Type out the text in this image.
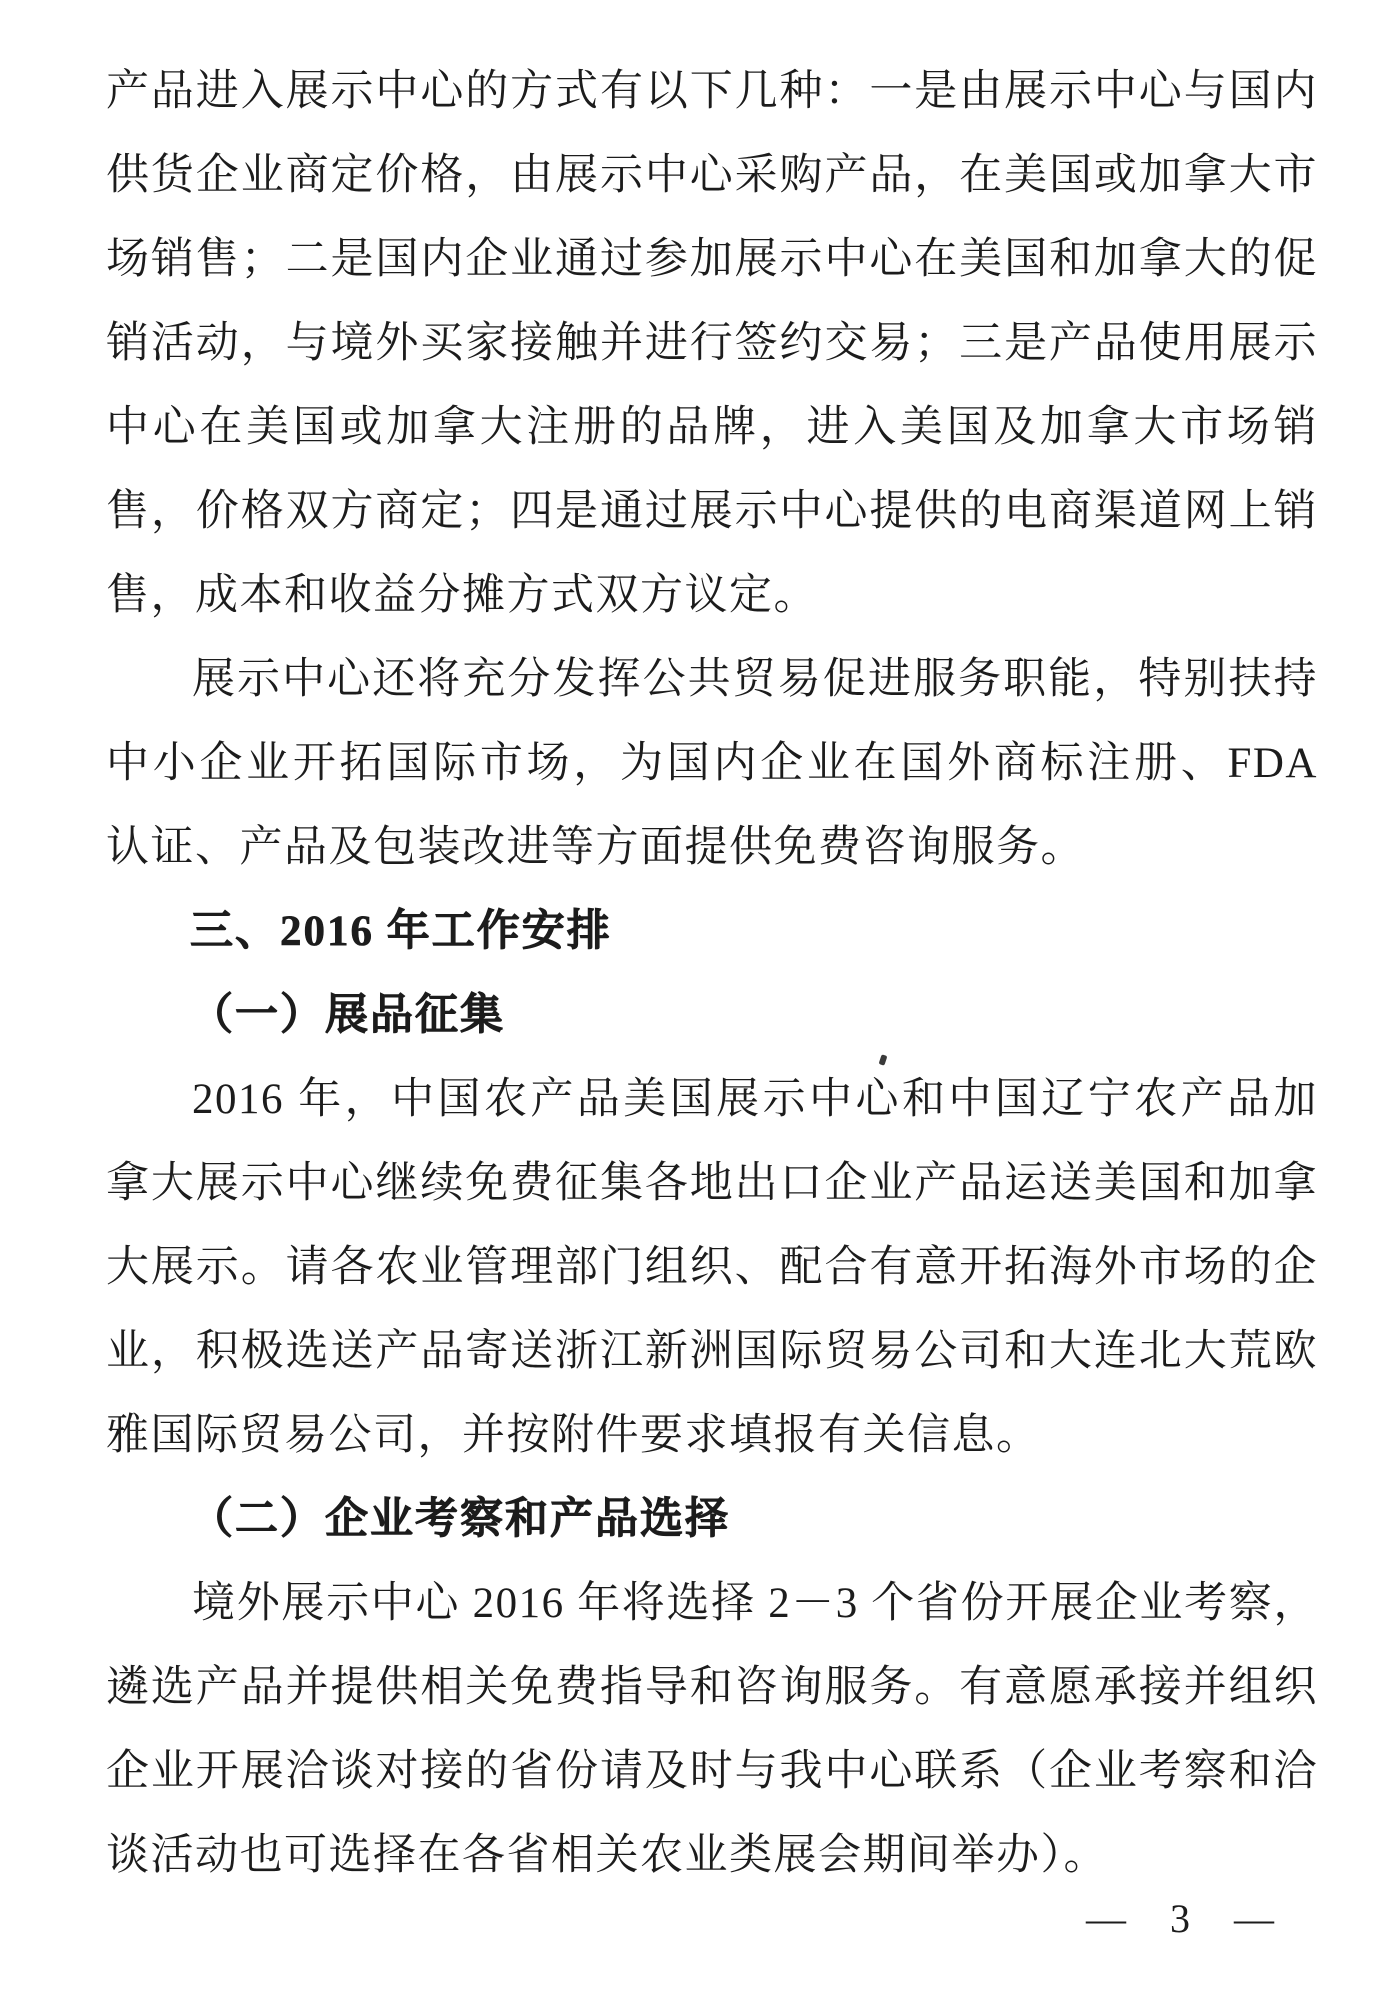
产品进入展示中心的方式有以下几种：一是由展示中心与国内供货企业商定价格，由展示中心采购产品，在美国或加拿大市场销售；二是国内企业通过参加展示中心在美国和加拿大的促销活动，与境外买家接触并进行签约交易；三是产品使用展示中心在美国或加拿大注册的品牌，进入美国及加拿大市场销售，价格双方商定；四是通过展示中心提供的电商渠道网上销售，成本和收益分摊方式双方议定。

展示中心还将充分发挥公共贸易促进服务职能，特别扶持中小企业开拓国际市场，为国内企业在国外商标注册、FDA 认证、产品及包装改进等方面提供免费咨询服务。

三、2016 年工作安排

（一）展品征集

2016 年，中国农产品美国展示中心和中国辽宁农产品加拿大展示中心继续免费征集各地出口企业产品运送美国和加拿大展示。请各农业管理部门组织、配合有意开拓海外市场的企业，积极选送产品寄送浙江新洲国际贸易公司和大连北大荒欧雅国际贸易公司，并按附件要求填报有关信息。

（二）企业考察和产品选择

境外展示中心 2016 年将选择 2－3 个省份开展企业考察，遴选产品并提供相关免费指导和咨询服务。有意愿承接并组织企业开展洽谈对接的省份请及时与我中心联系（企业考察和洽谈活动也可选择在各省相关农业类展会期间举办）。

— 3 —
